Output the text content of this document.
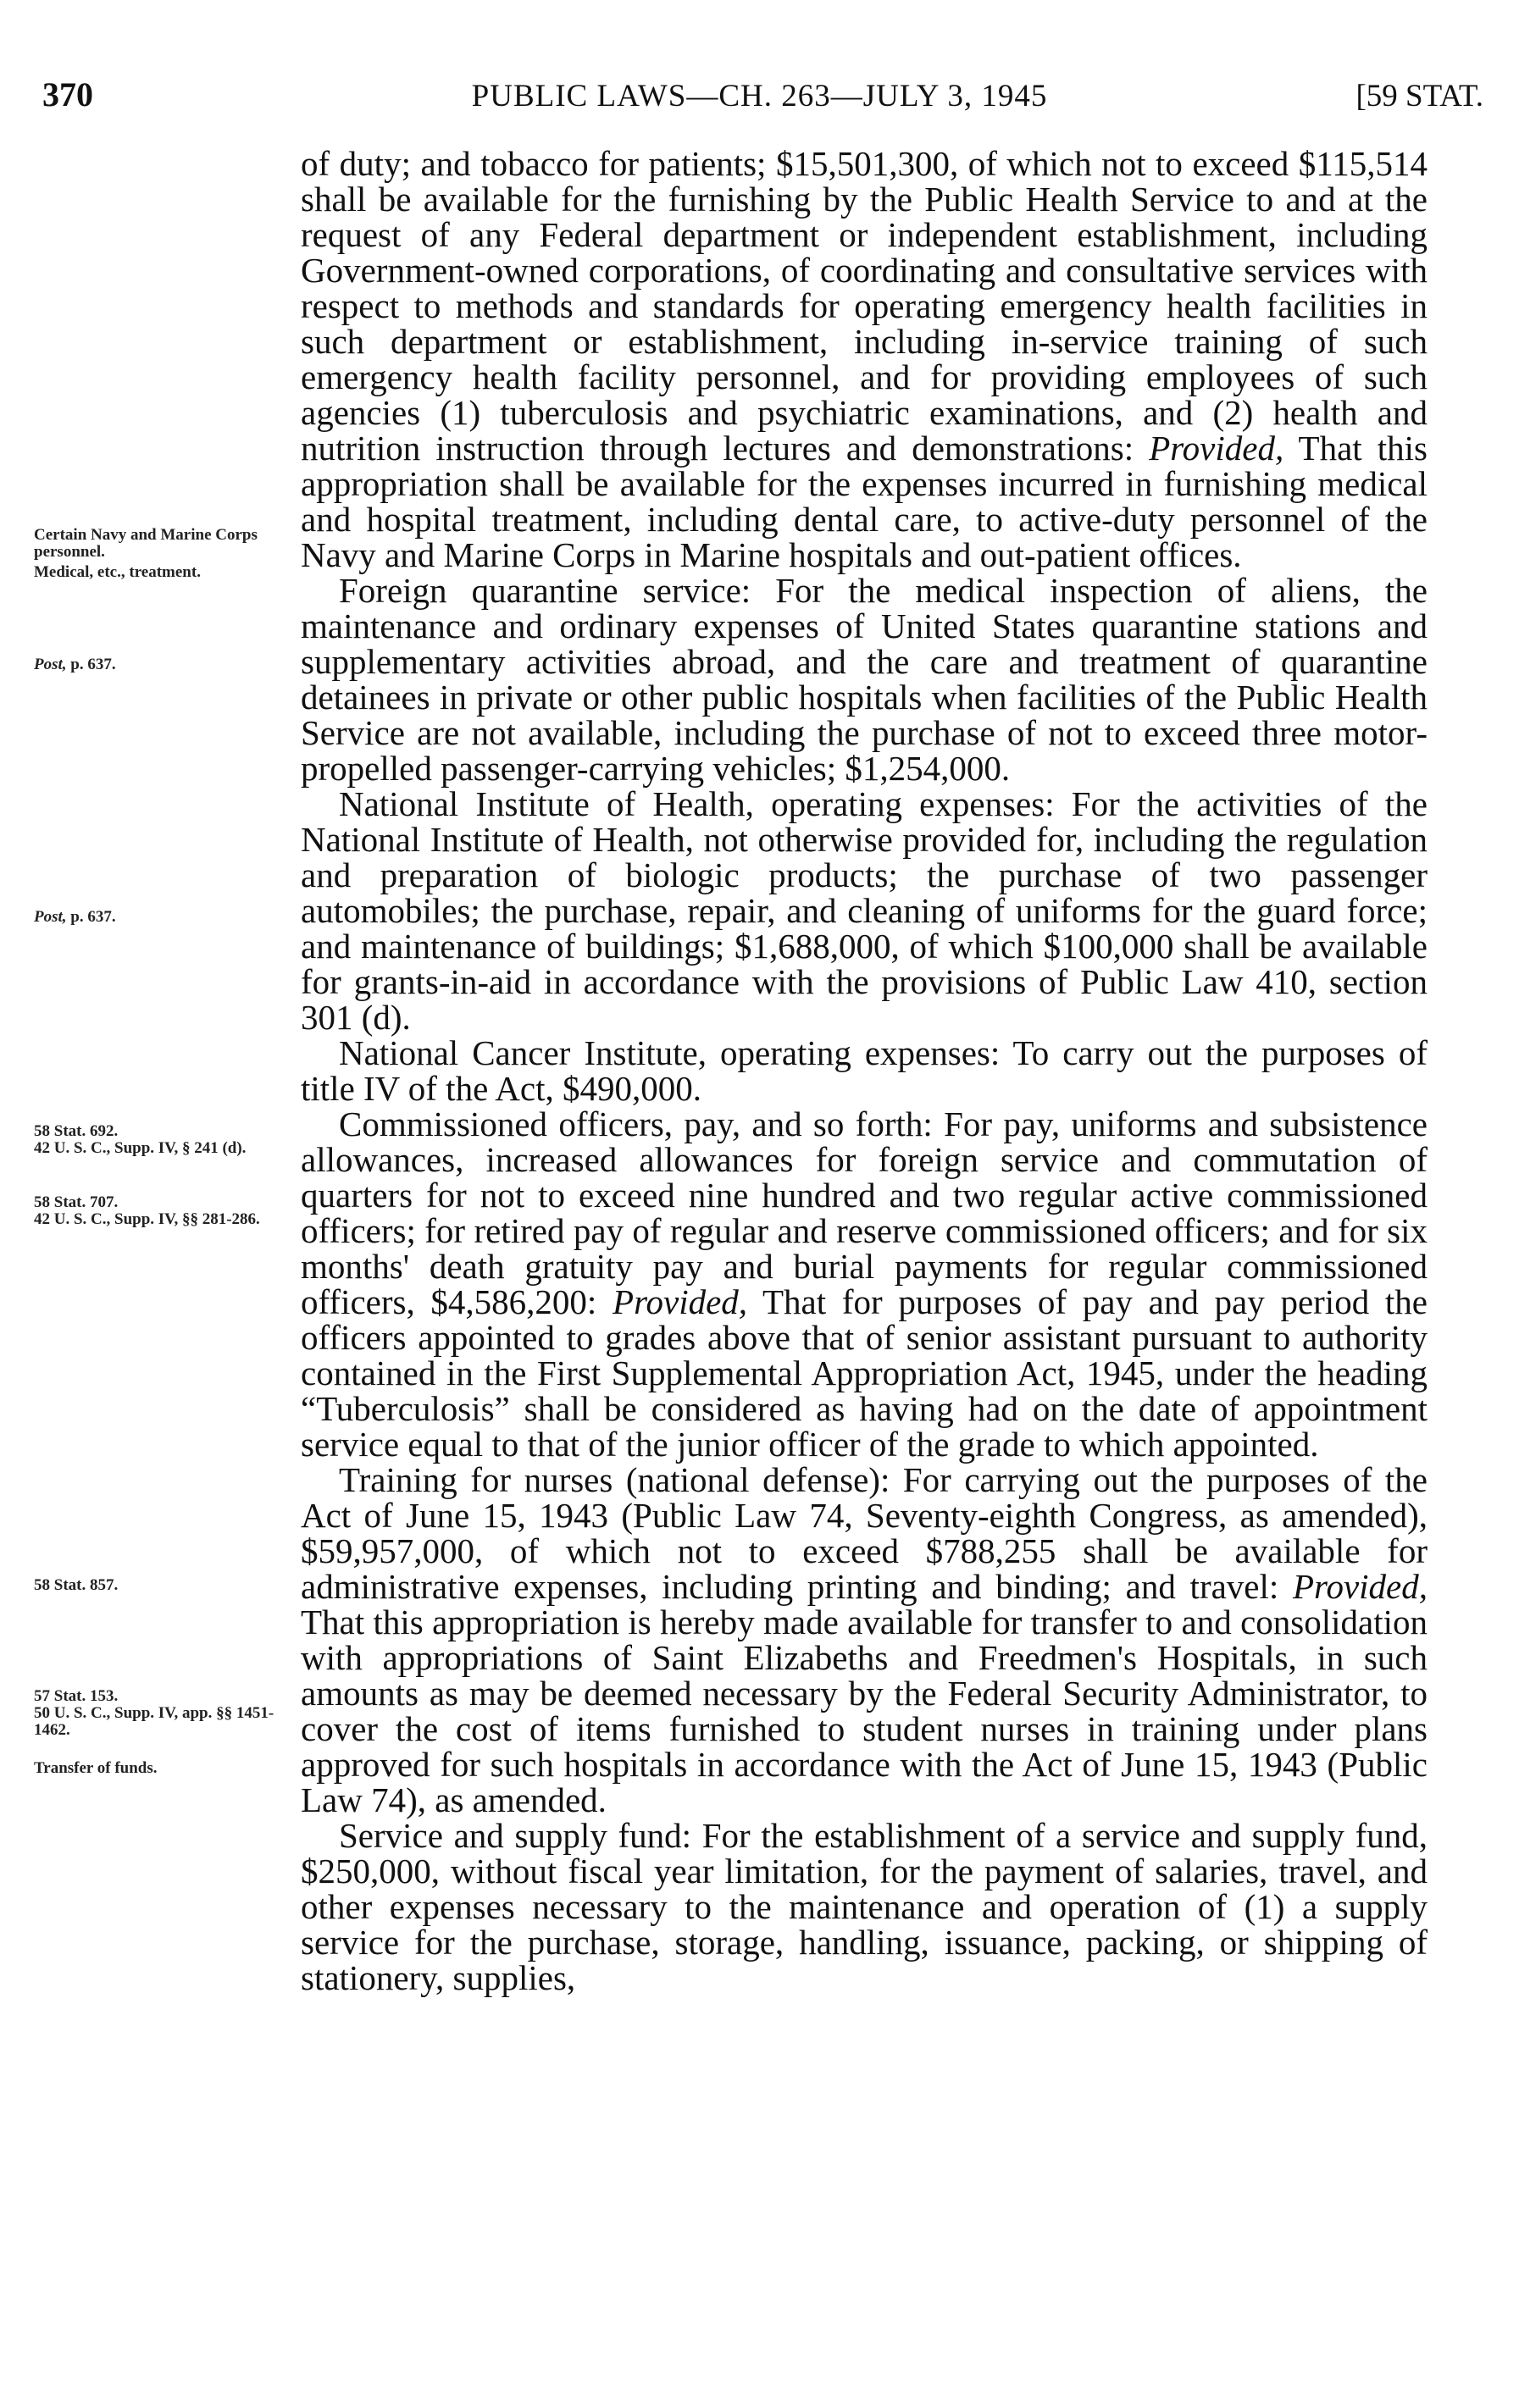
370	PUBLIC LAWS—CH. 263—JULY 3, 1945	[59 STAT.
Certain Navy and Marine Corps personnel.
Medical, etc., treatment.
Post, p. 637.
Post, p. 637.
58 Stat. 692.
42 U. S. C., Supp. IV, § 241 (d).
58 Stat. 707.
42 U. S. C., Supp. IV, §§ 281-286.
58 Stat. 857.
57 Stat. 153.
50 U. S. C., Supp. IV, app. §§ 1451-1462.
Transfer of funds.

of duty; and tobacco for patients; $15,501,300, of which not to exceed $115,514 shall be available for the furnishing by the Public Health Service to and at the request of any Federal department or independent establishment, including Government-owned corporations, of coordinating and consultative services with respect to methods and standards for operating emergency health facilities in such department or establishment, including in-service training of such emergency health facility personnel, and for providing employees of such agencies (1) tuberculosis and psychiatric examinations, and (2) health and nutrition instruction through lectures and demonstrations: Provided, That this appropriation shall be available for the expenses incurred in furnishing medical and hospital treatment, including dental care, to active-duty personnel of the Navy and Marine Corps in Marine hospitals and out-patient offices.

Foreign quarantine service: For the medical inspection of aliens, the maintenance and ordinary expenses of United States quarantine stations and supplementary activities abroad, and the care and treatment of quarantine detainees in private or other public hospitals when facilities of the Public Health Service are not available, including the purchase of not to exceed three motor-propelled passenger-carrying vehicles; $1,254,000.

National Institute of Health, operating expenses: For the activities of the National Institute of Health, not otherwise provided for, including the regulation and preparation of biologic products; the purchase of two passenger automobiles; the purchase, repair, and cleaning of uniforms for the guard force; and maintenance of buildings; $1,688,000, of which $100,000 shall be available for grants-in-aid in accordance with the provisions of Public Law 410, section 301 (d).

National Cancer Institute, operating expenses: To carry out the purposes of title IV of the Act, $490,000.

Commissioned officers, pay, and so forth: For pay, uniforms and subsistence allowances, increased allowances for foreign service and commutation of quarters for not to exceed nine hundred and two regular active commissioned officers; for retired pay of regular and reserve commissioned officers; and for six months' death gratuity pay and burial payments for regular commissioned officers, $4,586,200: Provided, That for purposes of pay and pay period the officers appointed to grades above that of senior assistant pursuant to authority contained in the First Supplemental Appropriation Act, 1945, under the heading “Tuberculosis” shall be considered as having had on the date of appointment service equal to that of the junior officer of the grade to which appointed.

Training for nurses (national defense): For carrying out the purposes of the Act of June 15, 1943 (Public Law 74, Seventy-eighth Congress, as amended), $59,957,000, of which not to exceed $788,255 shall be available for administrative expenses, including printing and binding; and travel: Provided, That this appropriation is hereby made available for transfer to and consolidation with appropriations of Saint Elizabeths and Freedmen's Hospitals, in such amounts as may be deemed necessary by the Federal Security Administrator, to cover the cost of items furnished to student nurses in training under plans approved for such hospitals in accordance with the Act of June 15, 1943 (Public Law 74), as amended.

Service and supply fund: For the establishment of a service and supply fund, $250,000, without fiscal year limitation, for the payment of salaries, travel, and other expenses necessary to the maintenance and operation of (1) a supply service for the purchase, storage, handling, issuance, packing, or shipping of stationery, supplies,
